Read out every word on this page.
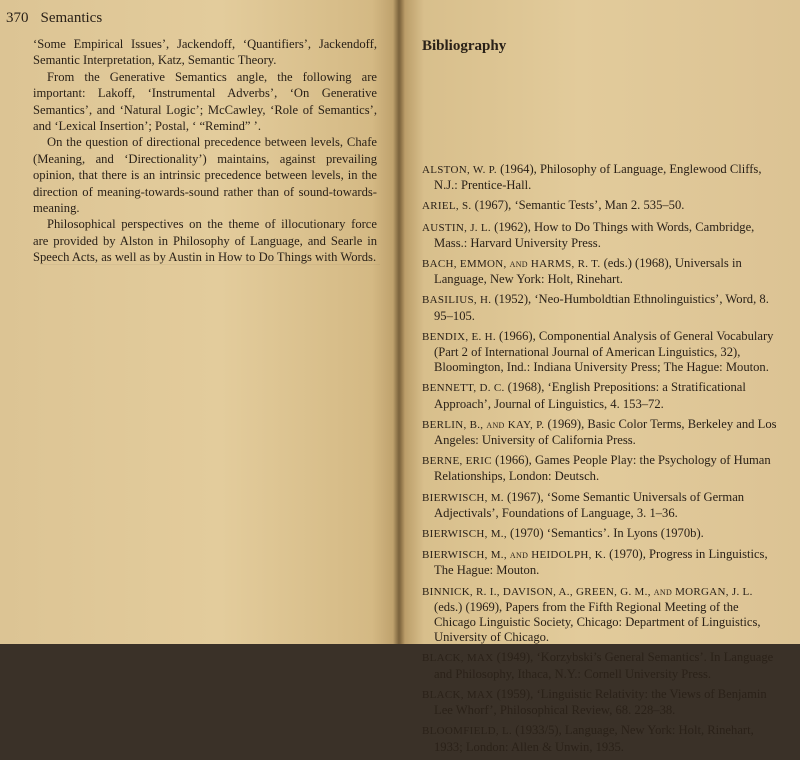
370 Semantics

‘Some Empirical Issues’, Jackendoff, ‘Quantifiers’, Jackendoff, Semantic Interpretation, Katz, Semantic Theory.

From the Generative Semantics angle, the following are important: Lakoff, ‘Instrumental Adverbs’, ‘On Generative Semantics’, and ‘Natural Logic’; McCawley, ‘Role of Semantics’, and ‘Lexical Insertion’; Postal, ‘ “Remind” ’.

On the question of directional precedence between levels, Chafe (Meaning, and ‘Directionality’) maintains, against prevailing opinion, that there is an intrinsic precedence between levels, in the direction of meaning-towards-sound rather than of sound-towards-meaning.

Philosophical perspectives on the theme of illocutionary force are provided by Alston in Philosophy of Language, and Searle in Speech Acts, as well as by Austin in How to Do Things with Words.

Bibliography

ALSTON, W. P. (1964), Philosophy of Language, Englewood Cliffs, N.J.: Prentice-Hall.

ARIEL, S. (1967), ‘Semantic Tests’, Man 2. 535–50.

AUSTIN, J. L. (1962), How to Do Things with Words, Cambridge, Mass.: Harvard University Press.

BACH, EMMON, and HARMS, R. T. (eds.) (1968), Universals in Language, New York: Holt, Rinehart.

BASILIUS, H. (1952), ‘Neo-Humboldtian Ethnolinguistics’, Word, 8. 95–105.

BENDIX, E. H. (1966), Componential Analysis of General Vocabulary (Part 2 of International Journal of American Linguistics, 32), Bloomington, Ind.: Indiana University Press; The Hague: Mouton.

BENNETT, D. C. (1968), ‘English Prepositions: a Stratificational Approach’, Journal of Linguistics, 4. 153–72.

BERLIN, B., and KAY, P. (1969), Basic Color Terms, Berkeley and Los Angeles: University of California Press.

BERNE, ERIC (1966), Games People Play: the Psychology of Human Relationships, London: Deutsch.

BIERWISCH, M. (1967), ‘Some Semantic Universals of German Adjectivals’, Foundations of Language, 3. 1–36.

BIERWISCH, M., (1970) ‘Semantics’. In Lyons (1970b).

BIERWISCH, M., and HEIDOLPH, K. (1970), Progress in Linguistics, The Hague: Mouton.

BINNICK, R. I., DAVISON, A., GREEN, G. M., and MORGAN, J. L. (eds.) (1969), Papers from the Fifth Regional Meeting of the Chicago Linguistic Society, Chicago: Department of Linguistics, University of Chicago.

BLACK, MAX (1949), ‘Korzybski’s General Semantics’. In Language and Philosophy, Ithaca, N.Y.: Cornell University Press.

BLACK, MAX (1959), ‘Linguistic Relativity: the Views of Benjamin Lee Whorf’, Philosophical Review, 68. 228–38.

BLOOMFIELD, L. (1933/5), Language, New York: Holt, Rinehart, 1933; London: Allen & Unwin, 1935.
